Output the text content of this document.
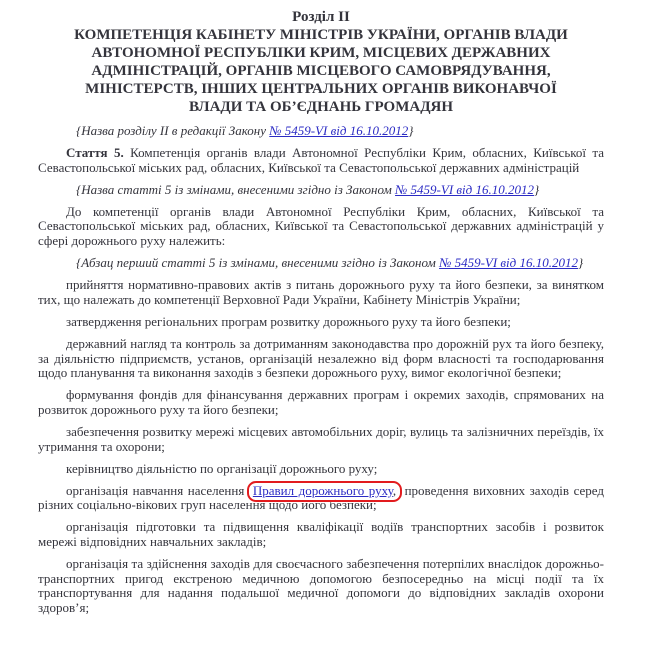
Розділ II

КОМПЕТЕНЦІЯ КАБІНЕТУ МІНІСТРІВ УКРАЇНИ, ОРГАНІВ ВЛАДИ АВТОНОМНОЇ РЕСПУБЛІКИ КРИМ, МІСЦЕВИХ ДЕРЖАВНИХ АДМІНІСТРАЦІЙ, ОРГАНІВ МІСЦЕВОГО САМОВРЯДУВАННЯ, МІНІСТЕРСТВ, ІНШИХ ЦЕНТРАЛЬНИХ ОРГАНІВ ВИКОНАВЧОЇ ВЛАДИ ТА ОБ’ЄДНАНЬ ГРОМАДЯН

{Назва розділу II в редакції Закону № 5459-VI від 16.10.2012}

Стаття 5. Компетенція органів влади Автономної Республіки Крим, обласних, Київської та Севастопольської міських рад, обласних, Київської та Севастопольської державних адміністрацій

{Назва статті 5 із змінами, внесеними згідно із Законом № 5459-VI від 16.10.2012}

До компетенції органів влади Автономної Республіки Крим, обласних, Київської та Севастопольської міських рад, обласних, Київської та Севастопольської державних адміністрацій у сфері дорожнього руху належить:

{Абзац перший статті 5 із змінами, внесеними згідно із Законом № 5459-VI від 16.10.2012}

прийняття нормативно-правових актів з питань дорожнього руху та його безпеки, за винятком тих, що належать до компетенції Верховної Ради України, Кабінету Міністрів України;

затвердження регіональних програм розвитку дорожнього руху та його безпеки;

державний нагляд та контроль за дотриманням законодавства про дорожній рух та його безпеку, за діяльністю підприємств, установ, організацій незалежно від форм власності та господарювання щодо планування та виконання заходів з безпеки дорожнього руху, вимог екологічної безпеки;

формування фондів для фінансування державних програм і окремих заходів, спрямованих на розвиток дорожнього руху та його безпеки;

забезпечення розвитку мережі місцевих автомобільних доріг, вулиць та залізничних переїздів, їх утримання та охорони;

керівництво діяльністю по організації дорожнього руху;

організація навчання населення Правил дорожнього руху, проведення виховних заходів серед різних соціально-вікових груп населення щодо його безпеки;

організація підготовки та підвищення кваліфікації водіїв транспортних засобів і розвиток мережі відповідних навчальних закладів;

організація та здійснення заходів для своєчасного забезпечення потерпілих внаслідок дорожньо-транспортних пригод екстреною медичною допомогою безпосередньо на місці події та їх транспортування для надання подальшої медичної допомоги до відповідних закладів охорони здоров’я;
